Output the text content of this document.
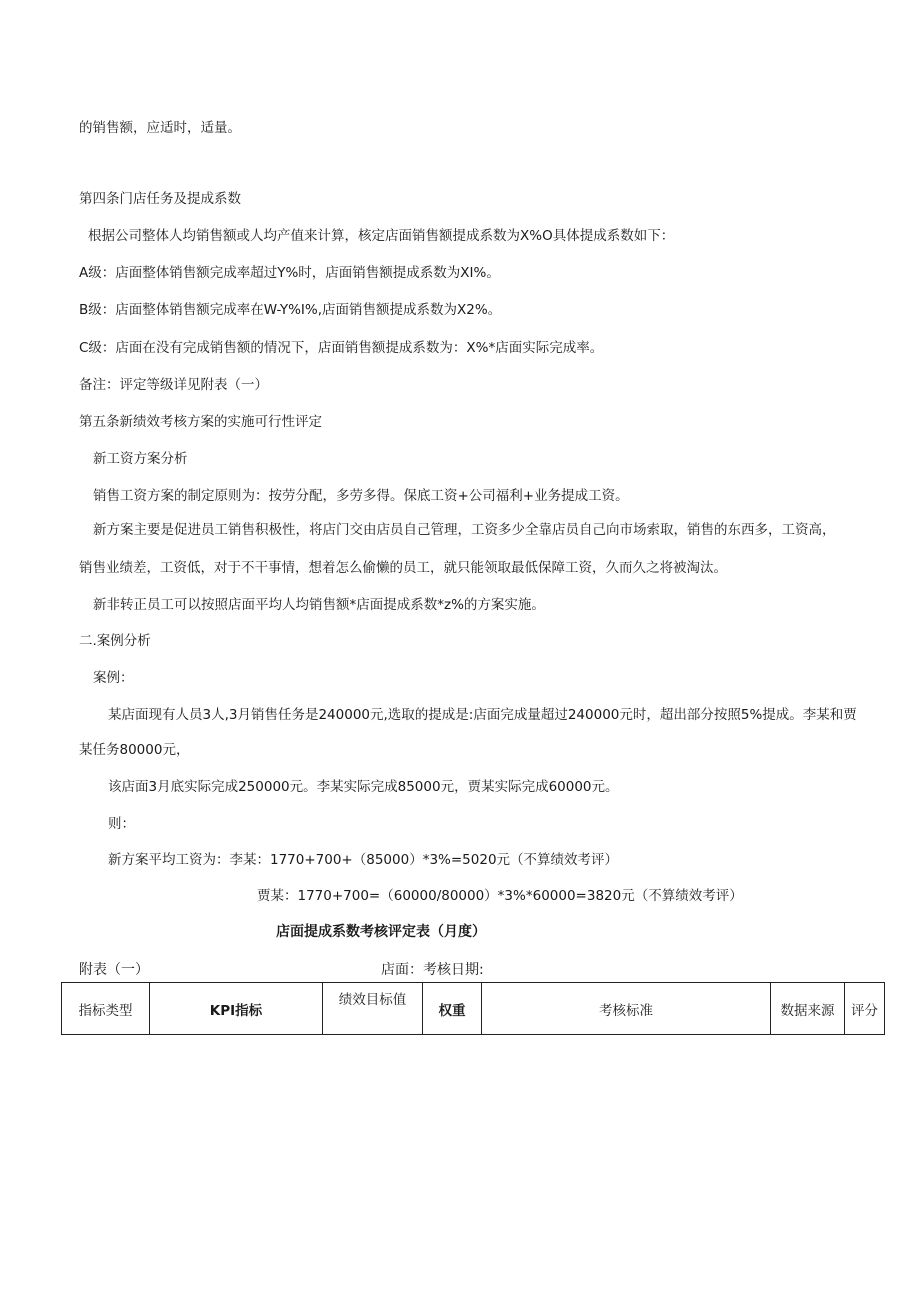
的销售额，应适时，适量。
第四条门店任务及提成系数
根据公司整体人均销售额或人均产值来计算，核定店面销售额提成系数为X%O具体提成系数如下：
A级：店面整体销售额完成率超过Y%时，店面销售额提成系数为XI%。
B级：店面整体销售额完成率在W-Y%I%,店面销售额提成系数为X2%。
C级：店面在没有完成销售额的情况下，店面销售额提成系数为：X%*店面实际完成率。
备注：评定等级详见附表（一）
第五条新绩效考核方案的实施可行性评定
新工资方案分析
销售工资方案的制定原则为：按劳分配，多劳多得。保底工资+公司福利+业务提成工资。
新方案主要是促进员工销售积极性，将店门交由店员自己管理，工资多少全靠店员自己向市场索取，销售的东西多，工资高，
销售业绩差，工资低，对于不干事情，想着怎么偷懒的员工，就只能领取最低保障工资，久而久之将被淘汰。
新非转正员工可以按照店面平均人均销售额*店面提成系数*z%的方案实施。
二.案例分析
案例：
某店面现有人员3人,3月销售任务是240000元,选取的提成是:店面完成量超过240000元时，超出部分按照5%提成。李某和贾
某任务80000元，
该店面3月底实际完成250000元。李某实际完成85000元，贾某实际完成60000元。
则：
新方案平均工资为：李某：1770+700+（85000）*3%=5020元（不算绩效考评）
贾某：1770+700=（60000/80000）*3%*60000=3820元（不算绩效考评）
店面提成系数考核评定表（月度）
附表（一）	店面：考核日期:
指标类型	KPI指标	绩效目标值	权重	考核标准	数据来源	评分
